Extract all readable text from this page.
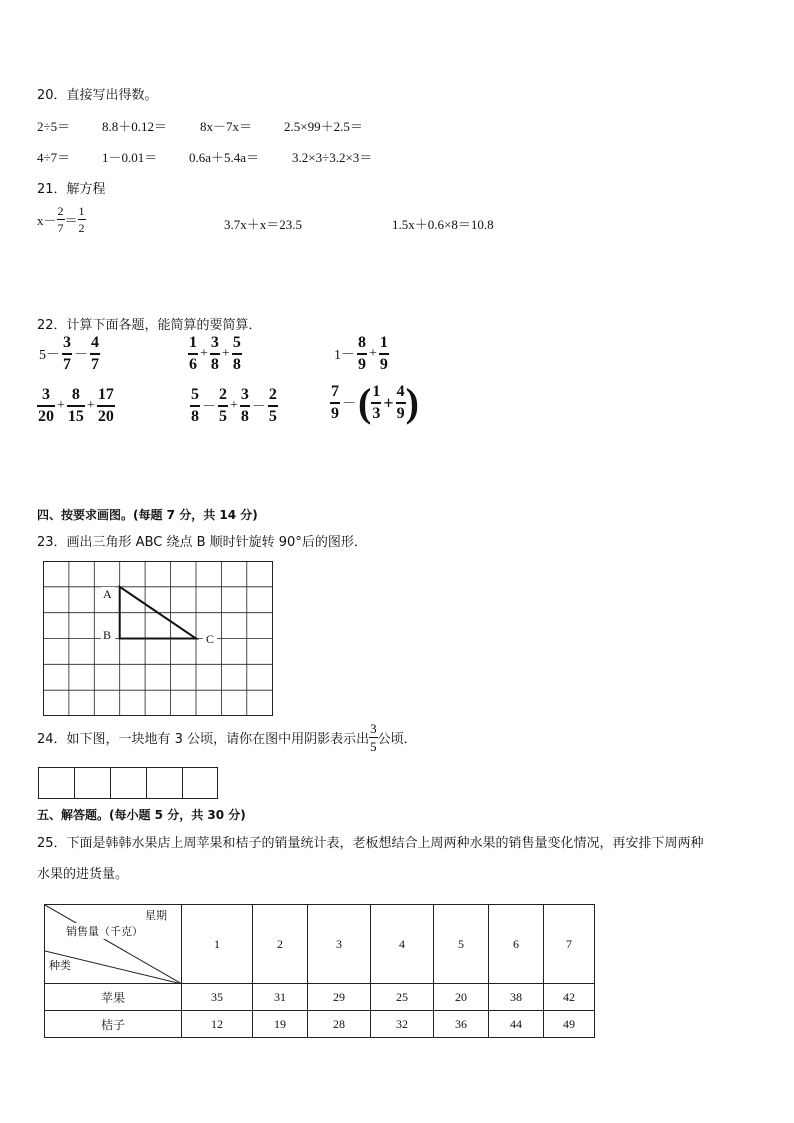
20．直接写出得数。
2÷5＝ 8.8＋0.12＝	8x－7x＝ 2.5×99＋2.5＝
4÷7＝ 1－0.01＝ 0.6a＋5.4a＝	3.2×3÷3.2×3＝
21．解方程
$x- \frac{2}{7} = \frac{1}{2}$	3.7x＋x＝23.5	1.5x＋0.6×8＝10.8
22．计算下面各题，能简算的要简算．
$5- \frac{3}{7} - \frac{4}{7}$	$\frac{1}{6} + \frac{3}{8} + \frac{5}{8}$	$1- \frac{8}{9} + \frac{1}{9}$
$\frac{3}{20} + \frac{8}{15} + \frac{17}{20}$	$\frac{5}{8} - \frac{2}{5} + \frac{3}{8} - \frac{2}{5}$	$\frac{7}{9}$ －( $\frac{1}{3} + \frac{4}{9}$ )
四、按要求画图。(每题 7 分，共 14 分)
23．画出三角形 ABC 绕点 B 顺时针旋转 90°后的图形．
A
B	C
24．如下图，一块地有 3 公顷，请你在图中用阴影表示出 $\frac{3}{5}$ 公顷．
五、解答题。(每小题 5 分，共 30 分)
25．下面是韩韩水果店上周苹果和桔子的销量统计表，老板想结合上周两种水果的销售量变化情况，再安排下周两种
水果的进货量。
星期
销售量（千克）
种类	1	2	3	4	5	6	7
苹果	35	31	29	25	20	38	42
桔子	12	19	28	32	36	44	49
